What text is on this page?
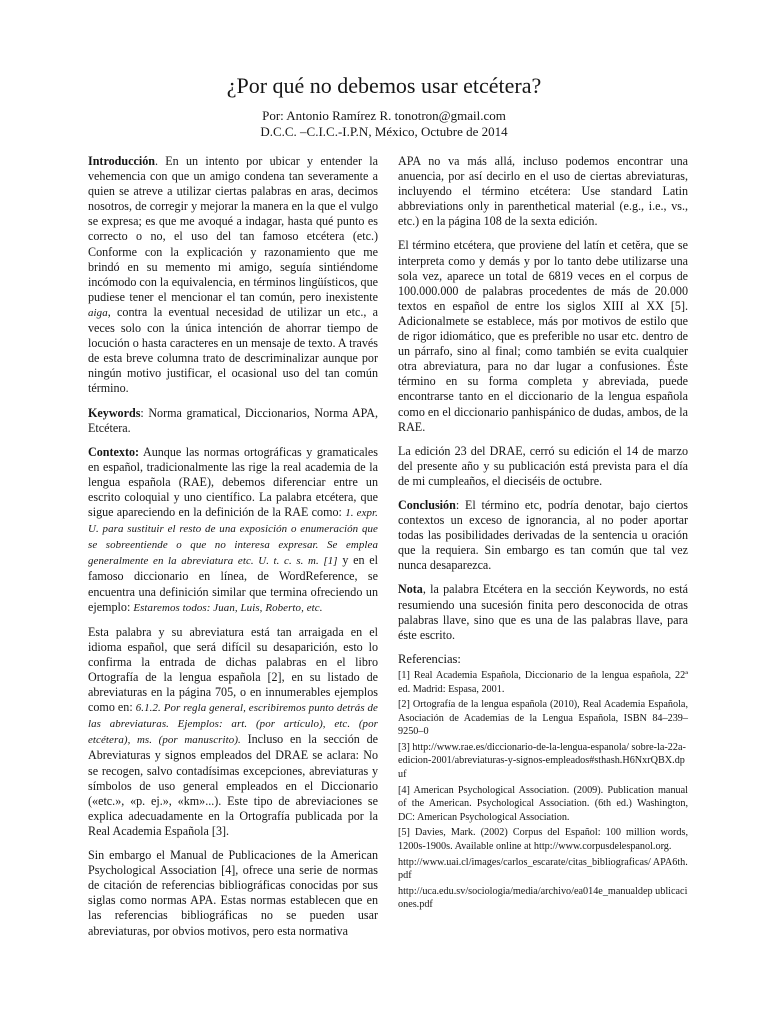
¿Por qué no debemos usar etcétera?
Por: Antonio Ramírez R. tonotron@gmail.com
D.C.C. –C.I.C.-I.P.N, México, Octubre de 2014

Introducción. En un intento por ubicar y entender la vehemencia con que un amigo condena tan severamente a quien se atreve a utilizar ciertas palabras en aras, decimos nosotros, de corregir y mejorar la manera en la que el vulgo se expresa; es que me avoqué a indagar, hasta qué punto es correcto o no, el uso del tan famoso etcétera (etc.) Conforme con la explicación y razonamiento que me brindó en su memento mi amigo, seguía sintiéndome incómodo con la equivalencia, en términos lingüísticos, que pudiese tener el mencionar el tan común, pero inexistente aiga, contra la eventual necesidad de utilizar un etc., a veces solo con la única intención de ahorrar tiempo de locución o hasta caracteres en un mensaje de texto. A través de esta breve columna trato de descriminalizar aunque por ningún motivo justificar, el ocasional uso del tan común término.

Keywords: Norma gramatical, Diccionarios, Norma APA, Etcétera.

Contexto: Aunque las normas ortográficas y gramaticales en español, tradicionalmente las rige la real academia de la lengua española (RAE), debemos diferenciar entre un escrito coloquial y uno científico. La palabra etcétera, que sigue apareciendo en la definición de la RAE como: 1. expr. U. para sustituir el resto de una exposición o enumeración que se sobreentiende o que no interesa expresar. Se emplea generalmente en la abreviatura etc. U. t. c. s. m. [1] y en el famoso diccionario en línea, de WordReference, se encuentra una definición similar que termina ofreciendo un ejemplo: Estaremos todos: Juan, Luis, Roberto, etc.

Esta palabra y su abreviatura está tan arraigada en el idioma español, que será difícil su desaparición, esto lo confirma la entrada de dichas palabras en el libro Ortografía de la lengua española [2], en su listado de abreviaturas en la página 705, o en innumerables ejemplos como en: 6.1.2. Por regla general, escribiremos punto detrás de las abreviaturas. Ejemplos: art. (por artículo), etc. (por etcétera), ms. (por manuscrito). Incluso en la sección de Abreviaturas y signos empleados del DRAE se aclara: No se recogen, salvo contadísimas excepciones, abreviaturas y símbolos de uso general empleados en el Diccionario («etc.», «p. ej.», «km»...). Este tipo de abreviaciones se explica adecuadamente en la Ortografía publicada por la Real Academia Española [3].

Sin embargo el Manual de Publicaciones de la American Psychological Association [4], ofrece una serie de normas de citación de referencias bibliográficas conocidas por sus siglas como normas APA. Estas normas establecen que en las referencias bibliográficas no se pueden usar abreviaturas, por obvios motivos, pero esta normativa

APA no va más allá, incluso podemos encontrar una anuencia, por así decirlo en el uso de ciertas abreviaturas, incluyendo el término etcétera: Use standard Latin abbreviations only in parenthetical material (e.g., i.e., vs., etc.) en la página 108 de la sexta edición.

El término etcétera, que proviene del latín et cetĕra, que se interpreta como y demás y por lo tanto debe utilizarse una sola vez, aparece un total de 6819 veces en el corpus de 100.000.000 de palabras procedentes de más de 20.000 textos en español de entre los siglos XIII al XX [5]. Adicionalmete se establece, más por motivos de estilo que de rigor idiomático, que es preferible no usar etc. dentro de un párrafo, sino al final; como también se evita cualquier otra abreviatura, para no dar lugar a confusiones. Éste término en su forma completa y abreviada, puede encontrarse tanto en el diccionario de la lengua española como en el diccionario panhispánico de dudas, ambos, de la RAE.

La edición 23 del DRAE, cerró su edición el 14 de marzo del presente año y su publicación está prevista para el día de mi cumpleaños, el dieciséis de octubre.

Conclusión: El término etc, podría denotar, bajo ciertos contextos un exceso de ignorancia, al no poder aportar todas las posibilidades derivadas de la sentencia u oración que la requiera. Sin embargo es tan común que tal vez nunca desaparezca.

Nota, la palabra Etcétera en la sección Keywords, no está resumiendo una sucesión finita pero desconocida de otras palabras llave, sino que es una de las palabras llave, para éste escrito.

Referencias:
[1] Real Academia Española, Diccionario de la lengua española, 22ª ed. Madrid: Espasa, 2001.
[2] Ortografía de la lengua española (2010), Real Academia Española, Asociación de Academias de la Lengua Española, ISBN 84–239–9250–0
[3] http://www.rae.es/diccionario-de-la-lengua-espanola/ sobre-la-22a-edicion-2001/abreviaturas-y-signos-empleados#sthash.H6NxrQBX.dpuf
[4] American Psychological Association. (2009). Publication manual of the American. Psychological Association. (6th ed.) Washington, DC: American Psychological Association.
[5] Davies, Mark. (2002) Corpus del Español: 100 million words, 1200s-1900s. Available online at http://www.corpusdelespanol.org.
http://www.uai.cl/images/carlos_escarate/citas_bibliograficas/ APA6th.pdf
http://uca.edu.sv/sociologia/media/archivo/ea014e_manualdep ublicaciones.pdf
